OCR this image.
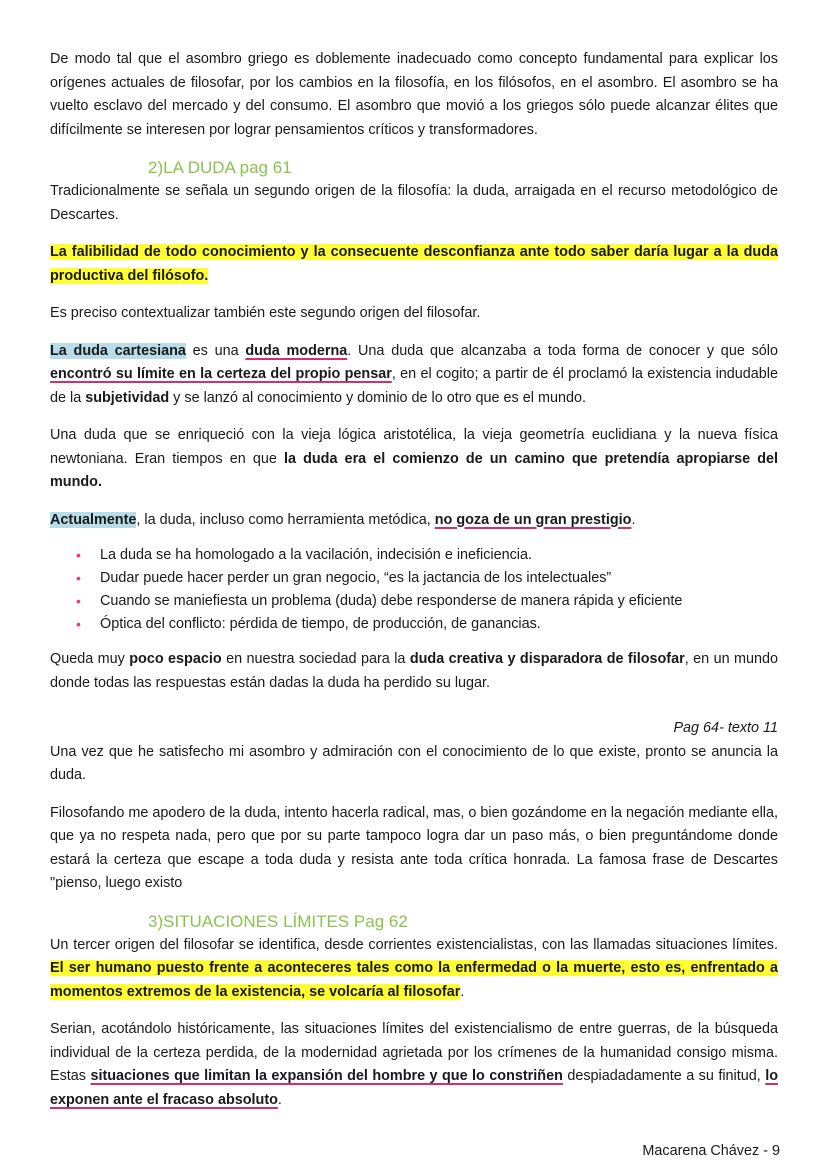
De modo tal que el asombro griego es doblemente inadecuado como concepto fundamental para explicar los orígenes actuales de filosofar, por los cambios en la filosofía, en los filósofos, en el asombro. El asombro se ha vuelto esclavo del mercado y del consumo. El asombro que movió a los griegos sólo puede alcanzar élites que difícilmente se interesen por lograr pensamientos críticos y transformadores.

2)LA DUDA pag 61

Tradicionalmente se señala un segundo origen de la filosofía: la duda, arraigada en el recurso metodológico de Descartes.

La falibilidad de todo conocimiento y la consecuente desconfianza ante todo saber daría lugar a la duda productiva del filósofo.

Es preciso contextualizar también este segundo origen del filosofar.

La duda cartesiana es una duda moderna. Una duda que alcanzaba a toda forma de conocer y que sólo encontró su límite en la certeza del propio pensar, en el cogito; a partir de él proclamó la existencia indudable de la subjetividad y se lanzó al conocimiento y dominio de lo otro que es el mundo.

Una duda que se enriqueció con la vieja lógica aristotélica, la vieja geometría euclidiana y la nueva física newtoniana. Eran tiempos en que la duda era el comienzo de un camino que pretendía apropiarse del mundo.

Actualmente, la duda, incluso como herramienta metódica, no goza de un gran prestigio.

• La duda se ha homologado a la vacilación, indecisión e ineficiencia.
• Dudar puede hacer perder un gran negocio, “es la jactancia de los intelectuales”
• Cuando se maniefiesta un problema (duda) debe responderse de manera rápida y eficiente
• Óptica del conflicto: pérdida de tiempo, de producción, de ganancias.

Queda muy poco espacio en nuestra sociedad para la duda creativa y disparadora de filosofar, en un mundo donde todas las respuestas están dadas la duda ha perdido su lugar.

Pag 64- texto 11

Una vez que he satisfecho mi asombro y admiración con el conocimiento de lo que existe, pronto se anuncia la duda.

Filosofando me apodero de la duda, intento hacerla radical, mas, o bien gozándome en la negación mediante ella, que ya no respeta nada, pero que por su parte tampoco logra dar un paso más, o bien preguntándome donde estará la certeza que escape a toda duda y resista ante toda crítica honrada. La famosa frase de Descartes "pienso, luego existo

3)SITUACIONES LÍMITES Pag 62

Un tercer origen del filosofar se identifica, desde corrientes existencialistas, con las llamadas situaciones límites. El ser humano puesto frente a aconteceres tales como la enfermedad o la muerte, esto es, enfrentado a momentos extremos de la existencia, se volcaría al filosofar.

Serian, acotándolo históricamente, las situaciones límites del existencialismo de entre guerras, de la búsqueda individual de la certeza perdida, de la modernidad agrietada por los crímenes de la humanidad consigo misma. Estas situaciones que limitan la expansión del hombre y que lo constriñen despiadadamente a su finitud, lo exponen ante el fracaso absoluto.

Macarena Chávez - 9
